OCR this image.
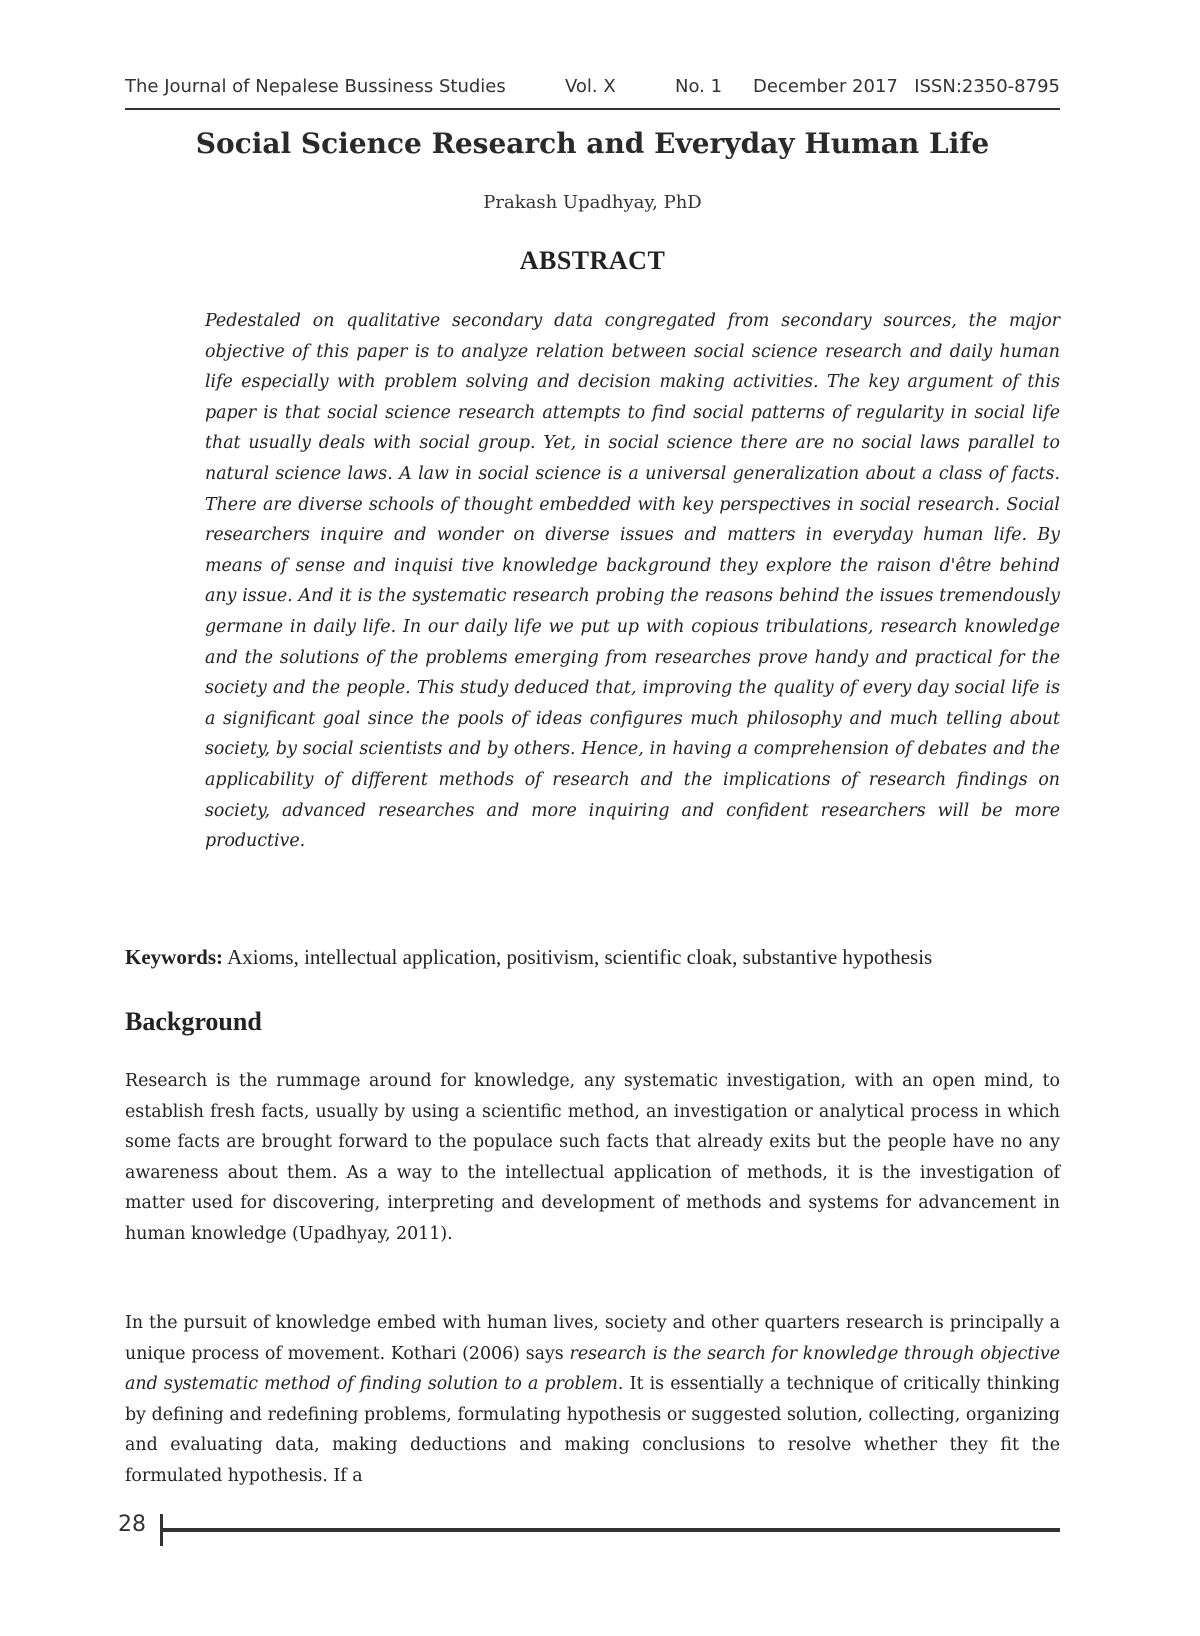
The Journal of Nepalese Bussiness Studies	Vol. X	No. 1	December 2017 ISSN:2350-8795
Social Science Research and Everyday Human Life
Prakash Upadhyay, PhD
ABSTRACT
Pedestaled on qualitative secondary data congregated from secondary sources, the major objective of this paper is to analyze relation between social science research and daily human life especially with problem solving and decision making activities. The key argument of this paper is that social science research attempts to find social patterns of regularity in social life that usually deals with social group. Yet, in social science there are no social laws parallel to natural science laws. A law in social science is a universal generalization about a class of facts. There are diverse schools of thought embedded with key perspectives in social research. Social researchers inquire and wonder on diverse issues and matters in everyday human life. By means of sense and inquisi tive knowledge background they explore the raison d'être behind any issue. And it is the systematic research probing the reasons behind the issues tremendously germane in daily life. In our daily life we put up with copious tribulations, research knowledge and the solutions of the problems emerging from researches prove handy and practical for the society and the people. This study deduced that, improving the quality of every day social life is a significant goal since the pools of ideas configures much philosophy and much telling about society, by social scientists and by others. Hence, in having a comprehension of debates and the applicability of different methods of research and the implications of research findings on society, advanced researches and more inquiring and confident researchers will be more productive.
Keywords: Axioms, intellectual application, positivism, scientific cloak, substantive hypothesis
Background
Research is the rummage around for knowledge, any systematic investigation, with an open mind, to establish fresh facts, usually by using a scientific method, an investigation or analytical process in which some facts are brought forward to the populace such facts that already exits but the people have no any awareness about them. As a way to the intellectual application of methods, it is the investigation of matter used for discovering, interpreting and development of methods and systems for advancement in human knowledge (Upadhyay, 2011).
In the pursuit of knowledge embed with human lives, society and other quarters research is principally a unique process of movement. Kothari (2006) says research is the search for knowledge through objective and systematic method of finding solution to a problem. It is essentially a technique of critically thinking by defining and redefining problems, formulating hypothesis or suggested solution, collecting, organizing and evaluating data, making deductions and making conclusions to resolve whether they fit the formulated hypothesis. If a
28
